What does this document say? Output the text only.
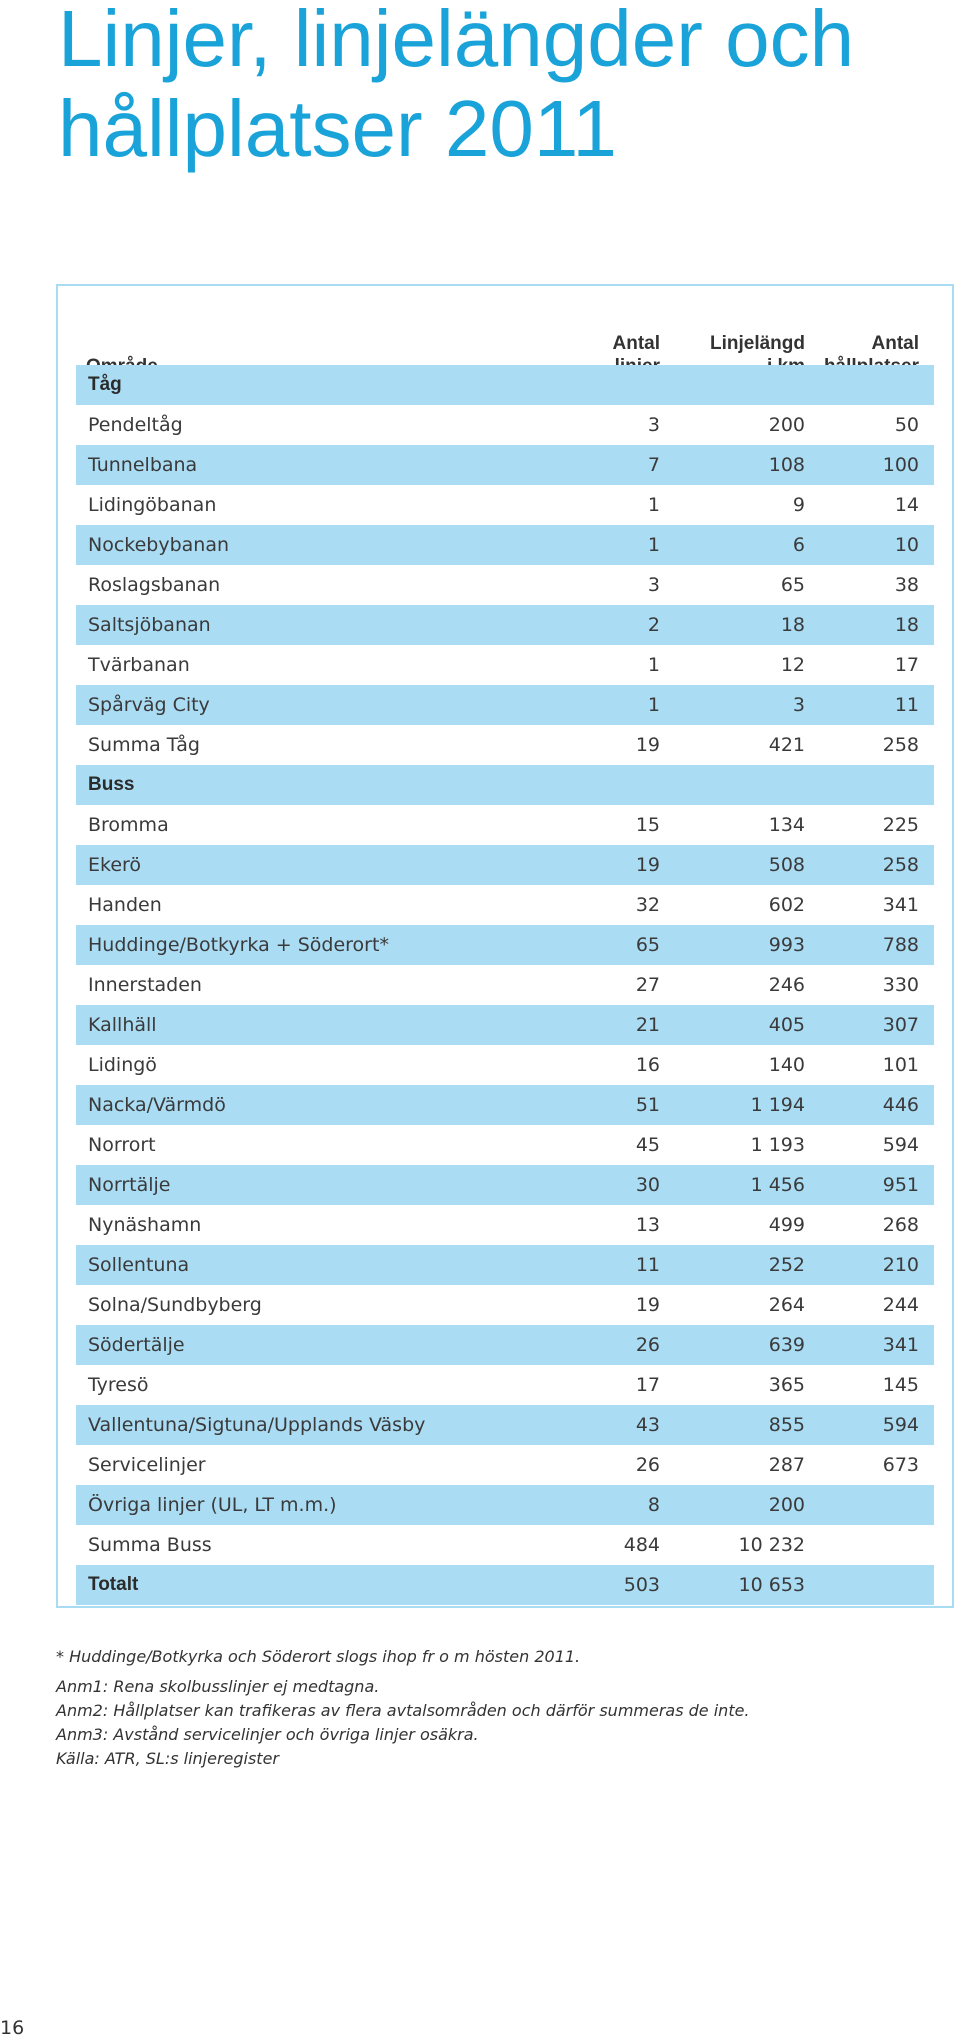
Linjer, linjelängder och
hållplatser 2011
Antal	Linjelängd	Antal

Tåg
Pendeltåg	3	200	50
Tunnelbana	7	108	100
Lidingöbanan	1	9	14
Nockebybanan	1	6	10
Roslagsbanan	3	65	38
Saltsjöbanan	2	18	18
Tvärbanan	1	12	17
Spårväg City	1	3	11
Summa Tåg	19	421	258
Buss
Bromma	15	134	225
Ekerö	19	508	258
Handen	32	602	341
Huddinge/Botkyrka + Söderort*	65	993	788
Innerstaden	27	246	330
Kallhäll	21	405	307
Lidingö	16	140	101
Nacka/Värmdö	51	1 194	446
Norrort	45	1 193	594
Norrtälje	30	1 456	951
Nynäshamn	13	499	268
Sollentuna	11	252	210
Solna/Sundbyberg	19	264	244
Södertälje	26	639	341
Tyresö	17	365	145
Vallentuna/Sigtuna/Upplands Väsby	43	855	594
Servicelinjer	26	287	673
Övriga linjer (UL, LT m.m.)	8	200
Summa Buss	484	10 232
Totalt	503	10 653

* Huddinge/Botkyrka och Söderort slogs ihop fr o m hösten 2011.

Anm1: Rena skolbusslinjer ej medtagna.

Anm2: Hållplatser kan trafikeras av flera avtalsområden och därför summeras de inte.

Anm3: Avstånd servicelinjer och övriga linjer osäkra.

Källa: ATR, SL:s linjeregister

16
